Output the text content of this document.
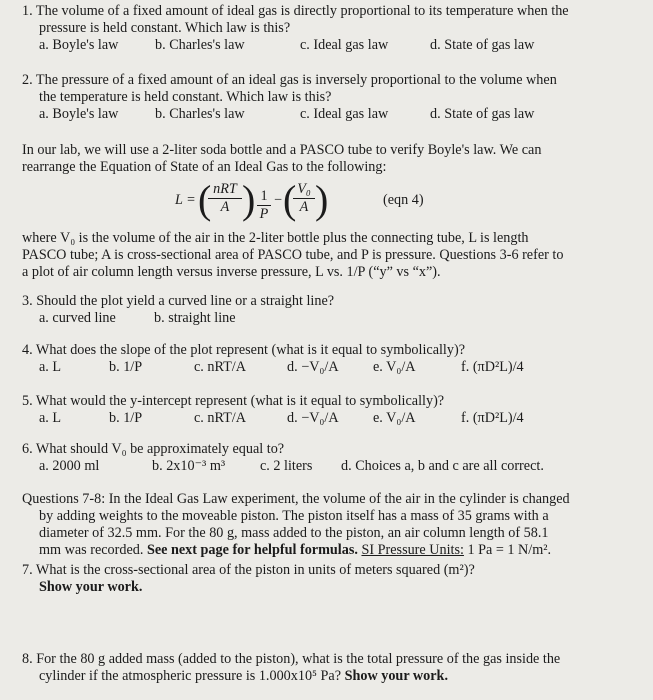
1. The volume of a fixed amount of ideal gas is directly proportional to its temperature when the
pressure is held constant. Which law is this?
a. Boyle's law	b. Charles's law	c. Ideal gas law	d. State of gas law
2. The pressure of a fixed amount of an ideal gas is inversely proportional to the volume when
the temperature is held constant. Which law is this?
a. Boyle's law	b. Charles's law	c. Ideal gas law	d. State of gas law
In our lab, we will use a 2-liter soda bottle and a PASCO tube to verify Boyle's law. We can
rearrange the Equation of State of an Ideal Gas to the following:
L = ( nRT
A ) $\frac{1}{P}$ − (
$\frac{\text{V₀}}{A}$ )	(eqn 4)
where V₀ is the volume of the air in the 2-liter bottle plus the connecting tube, L is length
PASCO tube; A is cross-sectional area of PASCO tube, and P is pressure. Questions 3-6 refer to
a plot of air column length versus inverse pressure, L vs. 1/P (“y” vs “x”).
3. Should the plot yield a curved line or a straight line?
a. curved line	b. straight line
4. What does the slope of the plot represent (what is it equal to symbolically)?
a. L	b. 1/P	c. nRT/A	d. −V₀/A e. V₀/A	f. (πD²L)/4
5. What would the y-intercept represent (what is it equal to symbolically)?
a. L	b. 1/P	c. nRT/A	d. −V₀/A e. V₀/A	f. (πD²L)/4
6. What should V₀ be approximately equal to?
a. 2000 ml	b. 2x10⁻³ m³ c. 2 liters d. Choices a, b and c are all correct.
Questions 7-8: In the Ideal Gas Law experiment, the volume of the air in the cylinder is changed
by adding weights to the moveable piston. The piston itself has a mass of 35 grams with a
diameter of 32.5 mm. For the 80 g, mass added to the piston, an air column length of 58.1
mm was recorded. See next page for helpful formulas. SI Pressure Units: 1 Pa = 1 N/m².
7. What is the cross-sectional area of the piston in units of meters squared (m²)?
Show your work.
8. For the 80 g added mass (added to the piston), what is the total pressure of the gas inside the
cylinder if the atmospheric pressure is 1.000x10⁵ Pa? Show your work.
